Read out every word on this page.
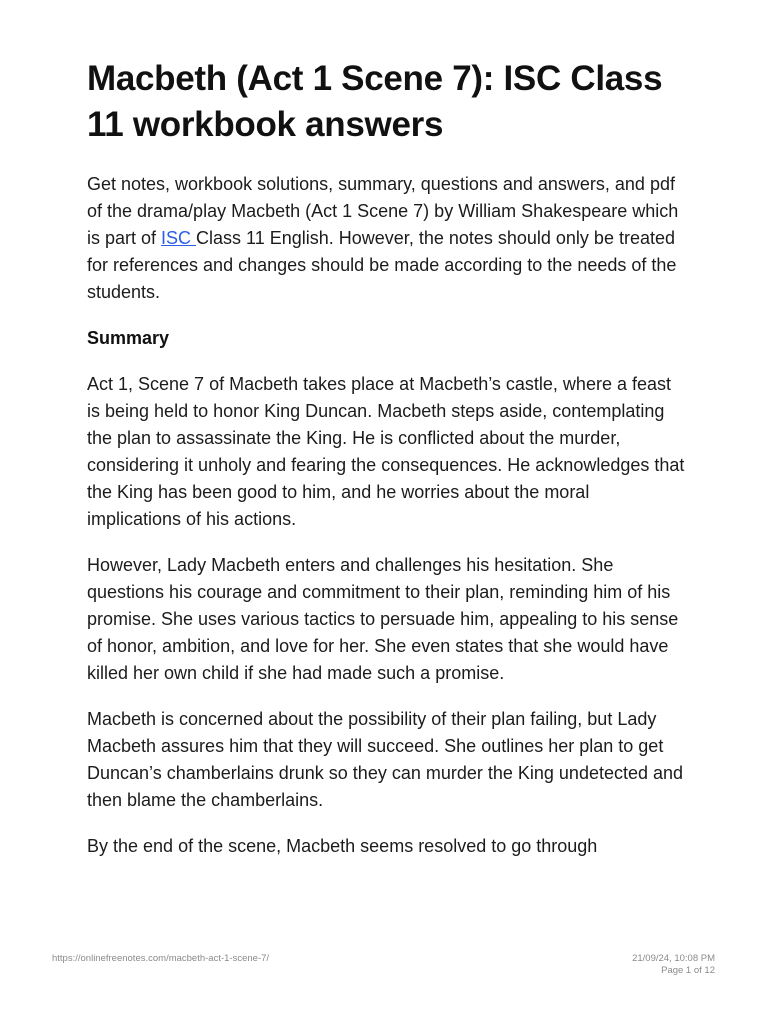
Macbeth (Act 1 Scene 7): ISC Class 11 workbook answers

Get notes, workbook solutions, summary, questions and answers, and pdf of the drama/play Macbeth (Act 1 Scene 7) by William Shakespeare which is part of ISC Class 11 English. However, the notes should only be treated for references and changes should be made according to the needs of the students.

Summary

Act 1, Scene 7 of Macbeth takes place at Macbeth’s castle, where a feast is being held to honor King Duncan. Macbeth steps aside, contemplating the plan to assassinate the King. He is conflicted about the murder, considering it unholy and fearing the consequences. He acknowledges that the King has been good to him, and he worries about the moral implications of his actions.

However, Lady Macbeth enters and challenges his hesitation. She questions his courage and commitment to their plan, reminding him of his promise. She uses various tactics to persuade him, appealing to his sense of honor, ambition, and love for her. She even states that she would have killed her own child if she had made such a promise.

Macbeth is concerned about the possibility of their plan failing, but Lady Macbeth assures him that they will succeed. She outlines her plan to get Duncan’s chamberlains drunk so they can murder the King undetected and then blame the chamberlains.

By the end of the scene, Macbeth seems resolved to go through

https://onlinefreenotes.com/macbeth-act-1-scene-7/	21/09/24, 10:08 PM
Page 1 of 12
